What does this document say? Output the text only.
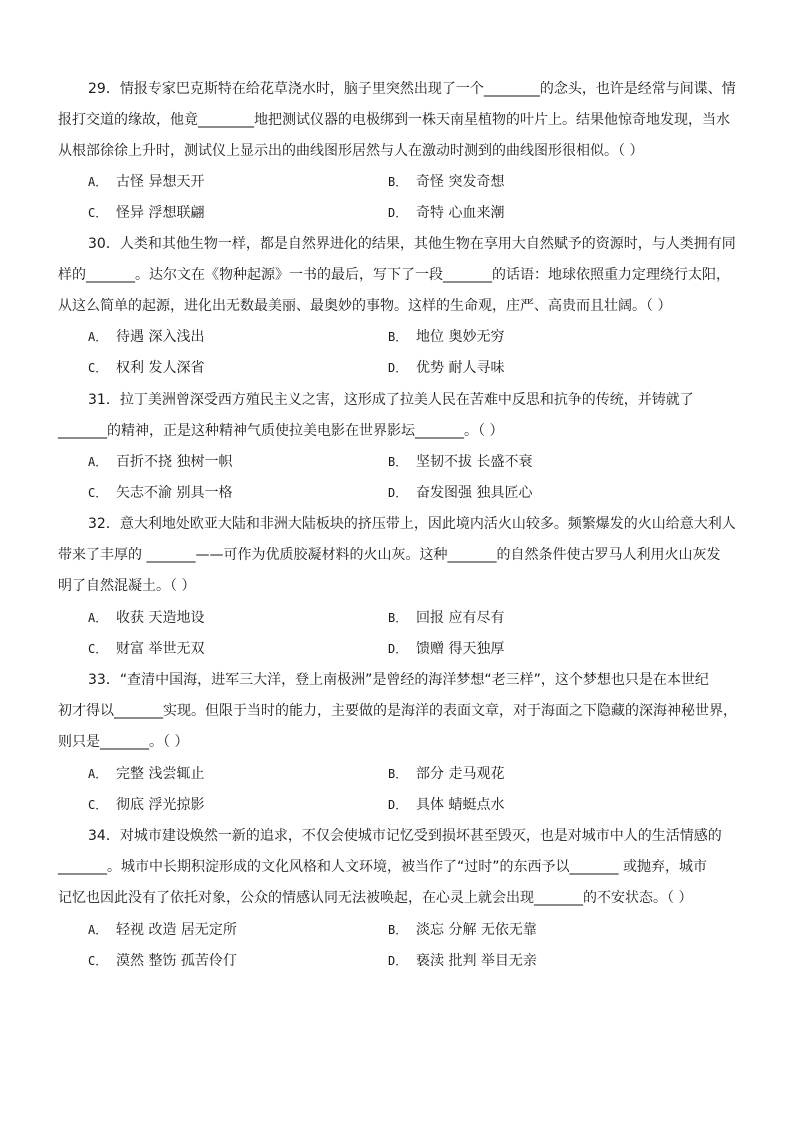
29．情报专家巴克斯特在给花草浇水时，脑子里突然出现了一个________的念头，也许是经常与间谍、情
报打交道的缘故，他竟________地把测试仪器的电极绑到一株天南星植物的叶片上。结果他惊奇地发现，当水
从根部徐徐上升时，测试仪上显示出的曲线图形居然与人在激动时测到的曲线图形很相似。（ ）
A． 古怪 异想天开	B． 奇怪 突发奇想
C． 怪异 浮想联翩	D． 奇特 心血来潮
30．人类和其他生物一样，都是自然界进化的结果，其他生物在享用大自然赋予的资源时，与人类拥有同
样的_______。达尔文在《物种起源》一书的最后，写下了一段_______的话语：地球依照重力定理绕行太阳，
从这么简单的起源，进化出无数最美丽、最奥妙的事物。这样的生命观，庄严、高贵而且壮阔。（ ）
A． 待遇 深入浅出	B． 地位 奥妙无穷
C． 权利 发人深省	D． 优势 耐人寻味
31．拉丁美洲曾深受西方殖民主义之害，这形成了拉美人民在苦难中反思和抗争的传统，并铸就了
_______的精神，正是这种精神气质使拉美电影在世界影坛_______。（ ）
A． 百折不挠 独树一帜	B． 坚韧不拔 长盛不衰
C． 矢志不渝 别具一格	D． 奋发图强 独具匠心
32．意大利地处欧亚大陆和非洲大陆板块的挤压带上，因此境内活火山较多。频繁爆发的火山给意大利人
带来了丰厚的 _______——可作为优质胶凝材料的火山灰。这种_______的自然条件使古罗马人利用火山灰发
明了自然混凝土。（ ）
A． 收获 天造地设	B． 回报 应有尽有
C． 财富 举世无双	D． 馈赠 得天独厚
33．“查清中国海，进军三大洋，登上南极洲”是曾经的海洋梦想“老三样”，这个梦想也只是在本世纪
初才得以_______实现。但限于当时的能力，主要做的是海洋的表面文章，对于海面之下隐藏的深海神秘世界，
则只是_______。（ ）
A． 完整 浅尝辄止	B． 部分 走马观花
C． 彻底 浮光掠影	D． 具体 蜻蜓点水
34．对城市建设焕然一新的追求，不仅会使城市记忆受到损坏甚至毁灭，也是对城市中人的生活情感的
_______。城市中长期积淀形成的文化风格和人文环境，被当作了“过时”的东西予以_______ 或抛弃，城市
记忆也因此没有了依托对象，公众的情感认同无法被唤起，在心灵上就会出现_______的不安状态。（ ）
A． 轻视 改造 居无定所	B． 淡忘 分解 无依无靠
C． 漠然 整饬 孤苦伶仃	D． 亵渎 批判 举目无亲
